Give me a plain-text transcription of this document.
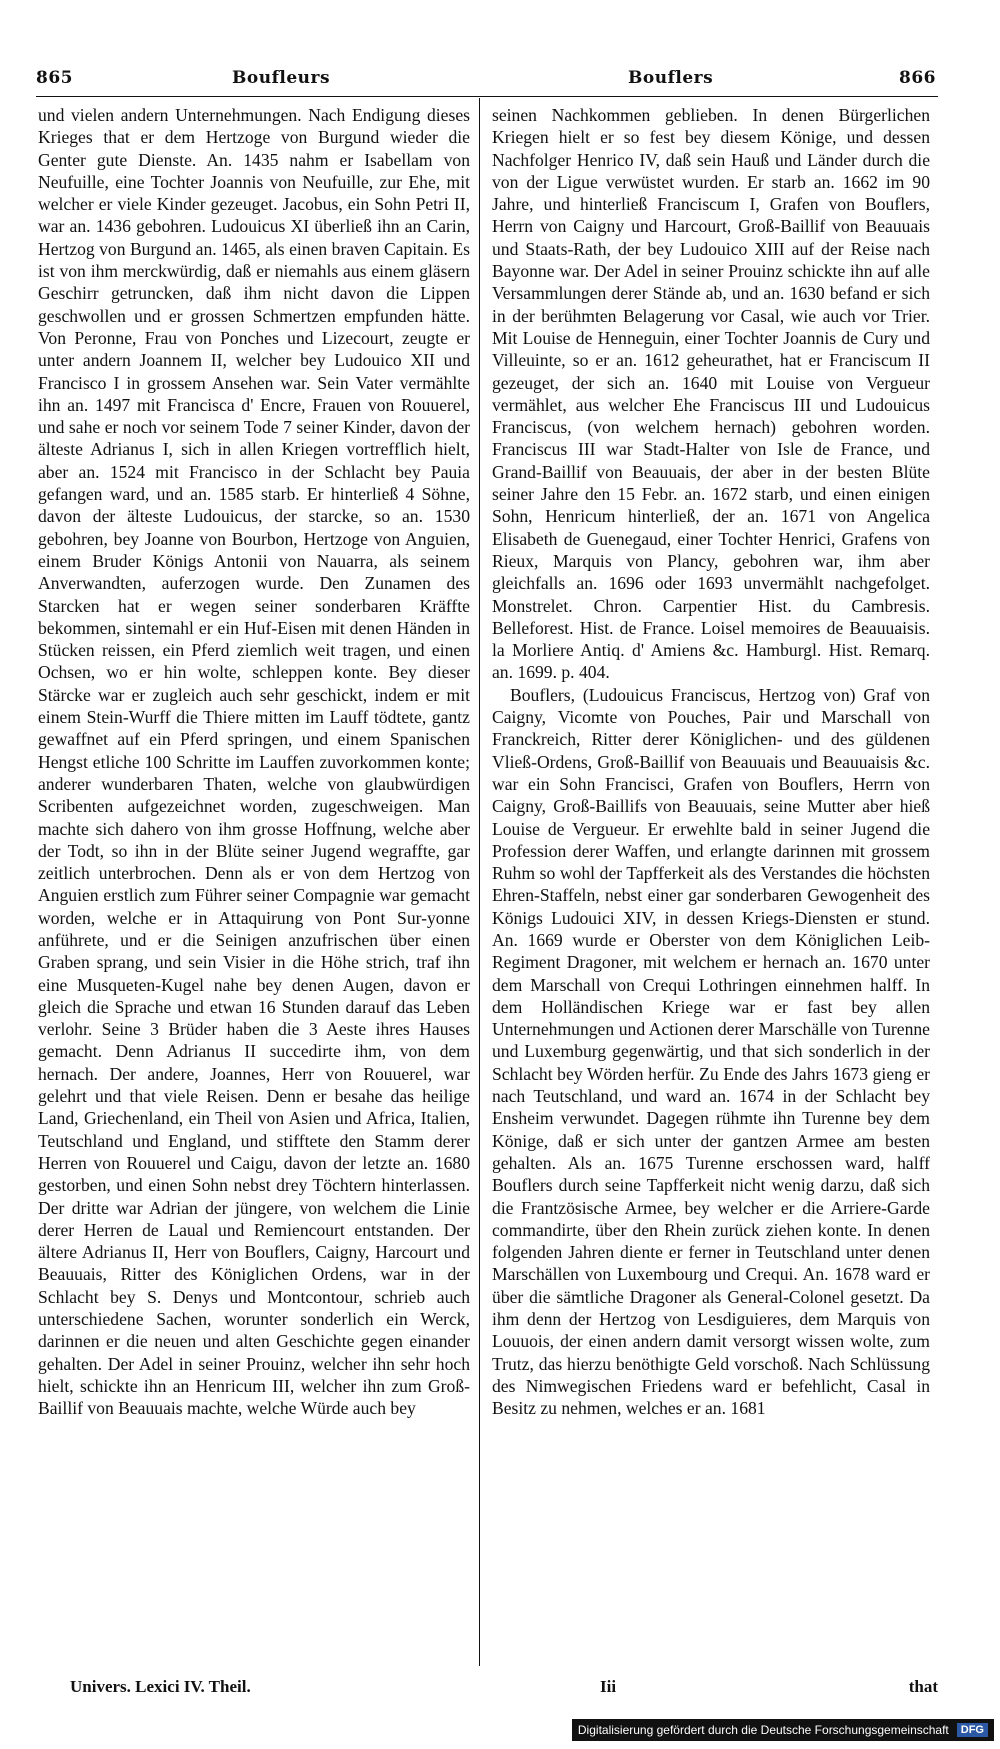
865	Boufleurs	Bouflers	866

und vielen andern Unternehmungen. Nach Endigung dieses Krieges that er dem Hertzoge von Burgund wieder die Genter gute Dienste. An. 1435 nahm er Isabellam von Neufuille, eine Tochter Joannis von Neufuille, zur Ehe, mit welcher er viele Kinder gezeuget. Jacobus, ein Sohn Petri II, war an. 1436 gebohren. Ludouicus XI überließ ihn an Carin, Hertzog von Burgund an. 1465, als einen braven Capitain. Es ist von ihm merckwürdig, daß er niemahls aus einem gläsern Geschirr getruncken, daß ihm nicht davon die Lippen geschwollen und er grossen Schmertzen empfunden hätte. Von Peronne, Frau von Ponches und Lizecourt, zeugte er unter andern Joannem II, welcher bey Ludouico XII und Francisco I in grossem Ansehen war. Sein Vater vermählte ihn an. 1497 mit Francisca d' Encre, Frauen von Rouuerel, und sahe er noch vor seinem Tode 7 seiner Kinder, davon der älteste Adrianus I, sich in allen Kriegen vortrefflich hielt, aber an. 1524 mit Francisco in der Schlacht bey Pauia gefangen ward, und an. 1585 starb. Er hinterließ 4 Söhne, davon der älteste Ludouicus, der starcke, so an. 1530 gebohren, bey Joanne von Bourbon, Hertzoge von Anguien, einem Bruder Königs Antonii von Nauarra, als seinem Anverwandten, auferzogen wurde. Den Zunamen des Starcken hat er wegen seiner sonderbaren Kräffte bekommen, sintemahl er ein Huf-Eisen mit denen Händen in Stücken reissen, ein Pferd ziemlich weit tragen, und einen Ochsen, wo er hin wolte, schleppen konte. Bey dieser Stärcke war er zugleich auch sehr geschickt, indem er mit einem Stein-Wurff die Thiere mitten im Lauff tödtete, gantz gewaffnet auf ein Pferd springen, und einem Spanischen Hengst etliche 100 Schritte im Lauffen zuvorkommen konte; anderer wunderbaren Thaten, welche von glaubwürdigen Scribenten aufgezeichnet worden, zugeschweigen. Man machte sich dahero von ihm grosse Hoffnung, welche aber der Todt, so ihn in der Blüte seiner Jugend wegraffte, gar zeitlich unterbrochen. Denn als er von dem Hertzog von Anguien erstlich zum Führer seiner Compagnie war gemacht worden, welche er in Attaquirung von Pont Sur-yonne anführete, und er die Seinigen anzufrischen über einen Graben sprang, und sein Visier in die Höhe strich, traf ihn eine Musqueten-Kugel nahe bey denen Augen, davon er gleich die Sprache und etwan 16 Stunden darauf das Leben verlohr. Seine 3 Brüder haben die 3 Aeste ihres Hauses gemacht. Denn Adrianus II succedirte ihm, von dem hernach. Der andere, Joannes, Herr von Rouuerel, war gelehrt und that viele Reisen. Denn er besahe das heilige Land, Griechenland, ein Theil von Asien und Africa, Italien, Teutschland und England, und stifftete den Stamm derer Herren von Rouuerel und Caigu, davon der letzte an. 1680 gestorben, und einen Sohn nebst drey Töchtern hinterlassen. Der dritte war Adrian der jüngere, von welchem die Linie derer Herren de Laual und Remiencourt entstanden. Der ältere Adrianus II, Herr von Bouflers, Caigny, Harcourt und Beauuais, Ritter des Königlichen Ordens, war in der Schlacht bey S. Denys und Montcontour, schrieb auch unterschiedene Sachen, worunter sonderlich ein Werck, darinnen er die neuen und alten Geschichte gegen einander gehalten. Der Adel in seiner Prouinz, welcher ihn sehr hoch hielt, schickte ihn an Henricum III, welcher ihn zum Groß-Baillif von Beauuais machte, welche Würde auch bey

seinen Nachkommen geblieben. In denen Bürgerlichen Kriegen hielt er so fest bey diesem Könige, und dessen Nachfolger Henrico IV, daß sein Hauß und Länder durch die von der Ligue verwüstet wurden. Er starb an. 1662 im 90 Jahre, und hinterließ Franciscum I, Grafen von Bouflers, Herrn von Caigny und Harcourt, Groß-Baillif von Beauuais und Staats-Rath, der bey Ludouico XIII auf der Reise nach Bayonne war. Der Adel in seiner Prouinz schickte ihn auf alle Versammlungen derer Stände ab, und an. 1630 befand er sich in der berühmten Belagerung vor Casal, wie auch vor Trier. Mit Louise de Henneguin, einer Tochter Joannis de Cury und Villeuinte, so er an. 1612 geheurathet, hat er Franciscum II gezeuget, der sich an. 1640 mit Louise von Vergueur vermählet, aus welcher Ehe Franciscus III und Ludouicus Franciscus, (von welchem hernach) gebohren worden. Franciscus III war Stadt-Halter von Isle de France, und Grand-Baillif von Beauuais, der aber in der besten Blüte seiner Jahre den 15 Febr. an. 1672 starb, und einen einigen Sohn, Henricum hinterließ, der an. 1671 von Angelica Elisabeth de Guenegaud, einer Tochter Henrici, Grafens von Rieux, Marquis von Plancy, gebohren war, ihm aber gleichfalls an. 1696 oder 1693 unvermählt nachgefolget. Monstrelet. Chron. Carpentier Hist. du Cambresis. Belleforest. Hist. de France. Loisel memoires de Beauuaisis. la Morliere Antiq. d' Amiens &c. Hamburgl. Hist. Remarq. an. 1699. p. 404.

Bouflers, (Ludouicus Franciscus, Hertzog von) Graf von Caigny, Vicomte von Pouches, Pair und Marschall von Franckreich, Ritter derer Königlichen- und des güldenen Vließ-Ordens, Groß-Baillif von Beauuais und Beauuaisis &c. war ein Sohn Francisci, Grafen von Bouflers, Herrn von Caigny, Groß-Baillifs von Beauuais, seine Mutter aber hieß Louise de Vergueur. Er erwehlte bald in seiner Jugend die Profession derer Waffen, und erlangte darinnen mit grossem Ruhm so wohl der Tapfferkeit als des Verstandes die höchsten Ehren-Staffeln, nebst einer gar sonderbaren Gewogenheit des Königs Ludouici XIV, in dessen Kriegs-Diensten er stund. An. 1669 wurde er Oberster von dem Königlichen Leib-Regiment Dragoner, mit welchem er hernach an. 1670 unter dem Marschall von Crequi Lothringen einnehmen halff. In dem Holländischen Kriege war er fast bey allen Unternehmungen und Actionen derer Marschälle von Turenne und Luxemburg gegenwärtig, und that sich sonderlich in der Schlacht bey Wörden herfür. Zu Ende des Jahrs 1673 gieng er nach Teutschland, und ward an. 1674 in der Schlacht bey Ensheim verwundet. Dagegen rühmte ihn Turenne bey dem Könige, daß er sich unter der gantzen Armee am besten gehalten. Als an. 1675 Turenne erschossen ward, halff Bouflers durch seine Tapfferkeit nicht wenig darzu, daß sich die Frantzösische Armee, bey welcher er die Arriere-Garde commandirte, über den Rhein zurück ziehen konte. In denen folgenden Jahren diente er ferner in Teutschland unter denen Marschällen von Luxembourg und Crequi. An. 1678 ward er über die sämtliche Dragoner als General-Colonel gesetzt. Da ihm denn der Hertzog von Lesdiguieres, dem Marquis von Louuois, der einen andern damit versorgt wissen wolte, zum Trutz, das hierzu benöthigte Geld vorschoß. Nach Schlüssung des Nimwegischen Friedens ward er befehlicht, Casal in Besitz zu nehmen, welches er an. 1681

Univers. Lexici IV. Theil.	Iii	that
Digitalisierung gefördert durch die Deutsche Forschungsgemeinschaft	DFG
